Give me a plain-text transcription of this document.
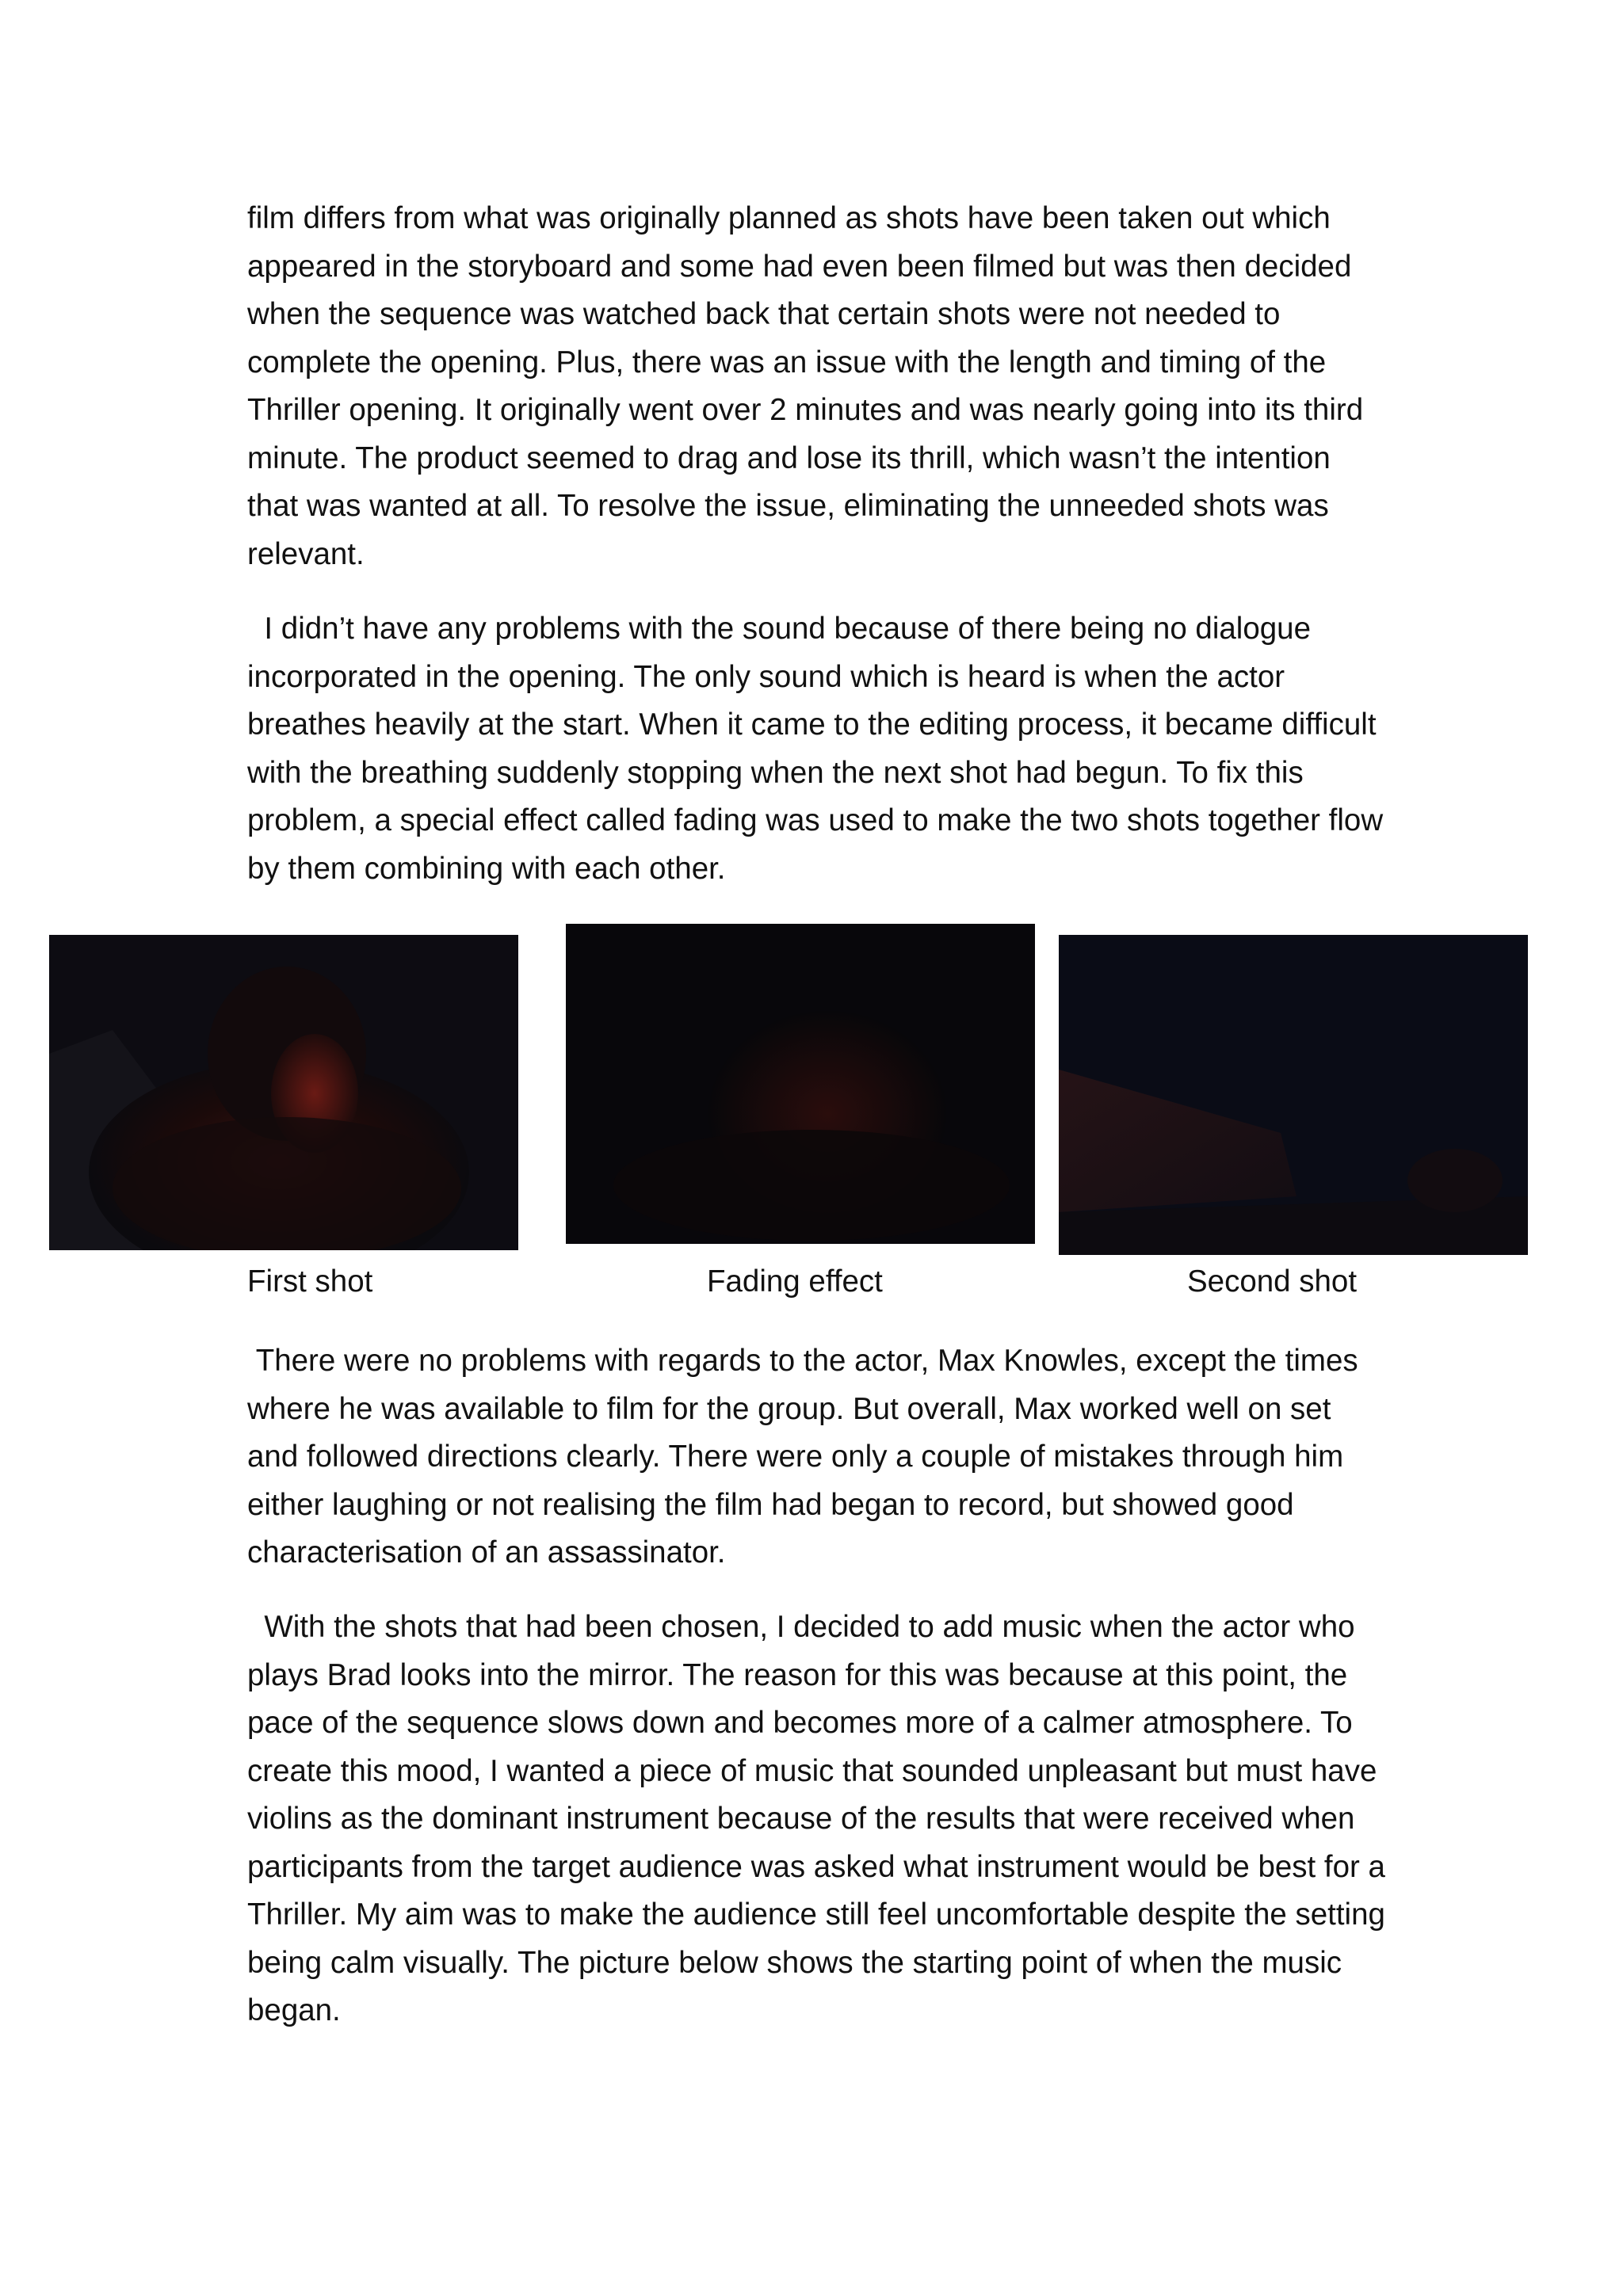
film differs from what was originally planned as shots have been taken out which appeared in the storyboard and some had even been filmed but was then decided when the sequence was watched back that certain shots were not needed to complete the opening. Plus, there was an issue with the length and timing of the Thriller opening. It originally went over 2 minutes and was nearly going into its third minute. The product seemed to drag and lose its thrill, which wasn’t the intention that was wanted at all. To resolve the issue, eliminating the unneeded shots was relevant.

I didn’t have any problems with the sound because of there being no dialogue incorporated in the opening. The only sound which is heard is when the actor breathes heavily at the start. When it came to the editing process, it became difficult with the breathing suddenly stopping when the next shot had begun. To fix this problem, a special effect called fading was used to make the two shots together flow by them combining with each other.

First shot	Fading effect	Second shot

There were no problems with regards to the actor, Max Knowles, except the times where he was available to film for the group. But overall, Max worked well on set and followed directions clearly. There were only a couple of mistakes through him either laughing or not realising the film had began to record, but showed good characterisation of an assassinator.

With the shots that had been chosen, I decided to add music when the actor who plays Brad looks into the mirror. The reason for this was because at this point, the pace of the sequence slows down and becomes more of a calmer atmosphere. To create this mood, I wanted a piece of music that sounded unpleasant but must have violins as the dominant instrument because of the results that were received when participants from the target audience was asked what instrument would be best for a Thriller. My aim was to make the audience still feel uncomfortable despite the setting being calm visually. The picture below shows the starting point of when the music began.
